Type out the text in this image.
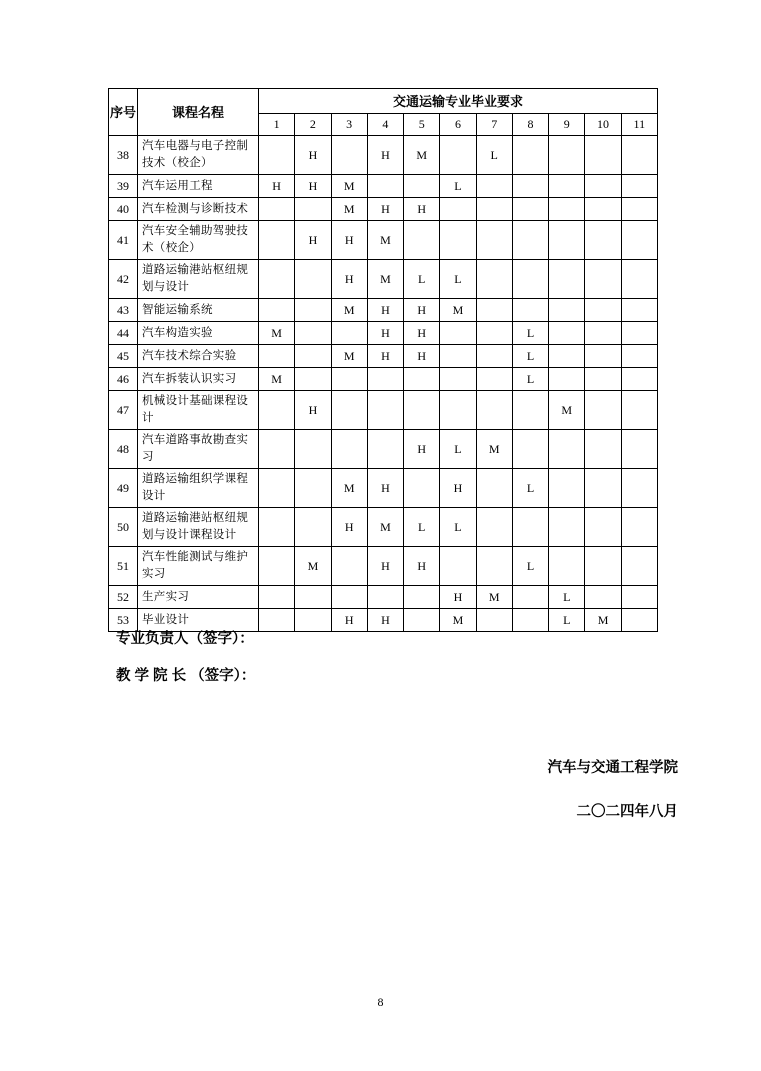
序号	课程名程	交通运输专业毕业要求										
		1	2	3	4	5	6	7	8	9	10	11
38	汽车电器与电子控制技术（校企）		H		H	M		L				
39	汽车运用工程	H	H	M			L					
40	汽车检测与诊断技术			M	H	H						
41	汽车安全辅助驾驶技术（校企）		H	H	M							
42	道路运输港站枢纽规划与设计			H	M	L	L					
43	智能运输系统			M	H	H	M					
44	汽车构造实验	M			H	H			L			
45	汽车技术综合实验			M	H	H			L			
46	汽车拆装认识实习	M							L			
47	机械设计基础课程设计		H							M		
48	汽车道路事故勘查实习					H	L	M				
49	道路运输组织学课程设计			M	H		H		L			
50	道路运输港站枢纽规划与设计课程设计			H	M	L	L					
51	汽车性能测试与维护实习		M		H	H			L			
52	生产实习						H	M		L		
53	毕业设计			H	H		M			L	M	
专业负责人（签字）：
教 学 院 长 （签字）：
汽车与交通工程学院
二〇二四年八月
8
